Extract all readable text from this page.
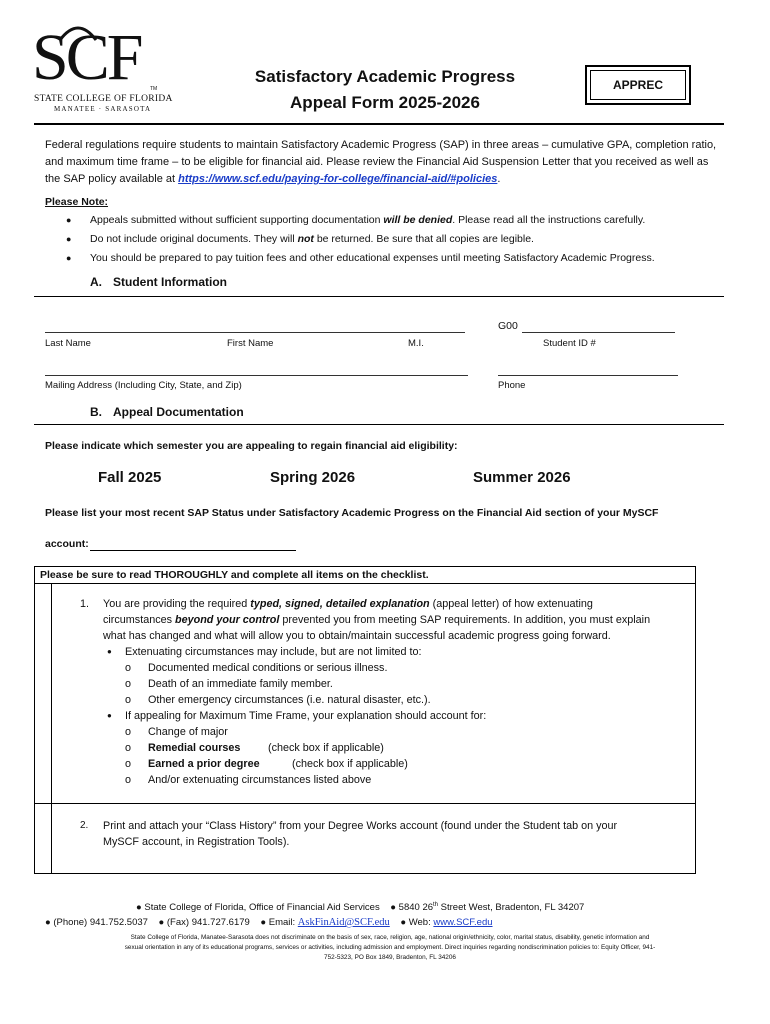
SCF TM
STATE COLLEGE OF FLORIDA
MANATEE · SARASOTA
Satisfactory Academic Progress
Appeal Form 2025-2026
APPREC
Federal regulations require students to maintain Satisfactory Academic Progress (SAP) in three areas – cumulative GPA, completion ratio, and maximum time frame – to be eligible for financial aid. Please review the Financial Aid Suspension Letter that you received as well as the SAP policy available at https://www.scf.edu/paying-for-college/financial-aid/#policies.
Please Note:
● Appeals submitted without sufficient supporting documentation will be denied. Please read all the instructions carefully.
● Do not include original documents. They will not be returned. Be sure that all copies are legible.
● You should be prepared to pay tuition fees and other educational expenses until meeting Satisfactory Academic Progress.
A. Student Information
G00
Last Name	First Name	M.I.	Student ID #
Mailing Address (Including City, State, and Zip)	Phone
B. Appeal Documentation
Please indicate which semester you are appealing to regain financial aid eligibility:
Fall 2025	Spring 2026	Summer 2026
Please list your most recent SAP Status under Satisfactory Academic Progress on the Financial Aid section of your MySCF
account:
Please be sure to read THOROUGHLY and complete all items on the checklist.
1. You are providing the required typed, signed, detailed explanation (appeal letter) of how extenuating
circumstances beyond your control prevented you from meeting SAP requirements. In addition, you must explain
what has changed and what will allow you to obtain/maintain successful academic progress going forward.
● Extenuating circumstances may include, but are not limited to:
o Documented medical conditions or serious illness.
o Death of an immediate family member.
o Other emergency circumstances (i.e. natural disaster, etc.).
● If appealing for Maximum Time Frame, your explanation should account for:
o Change of major
o Remedial courses	(check box if applicable)
o Earned a prior degree	(check box if applicable)
o And/or extenuating circumstances listed above
2. Print and attach your “Class History” from your Degree Works account (found under the Student tab on your
MySCF account, in Registration Tools).
● State College of Florida, Office of Financial Aid Services    ● 5840 26th Street West, Bradenton, FL 34207
● (Phone) 941.752.5037    ● (Fax) 941.727.6179    ● Email: AskFinAid@SCF.edu    ● Web: www.SCF.edu
State College of Florida, Manatee-Sarasota does not discriminate on the basis of sex, race, religion, age, national origin/ethnicity, color, marital status, disability, genetic information and
sexual orientation in any of its educational programs, services or activities, including admission and employment. Direct inquiries regarding nondiscrimination policies to: Equity Officer, 941-
752-5323, PO Box 1849, Bradenton, FL 34206
